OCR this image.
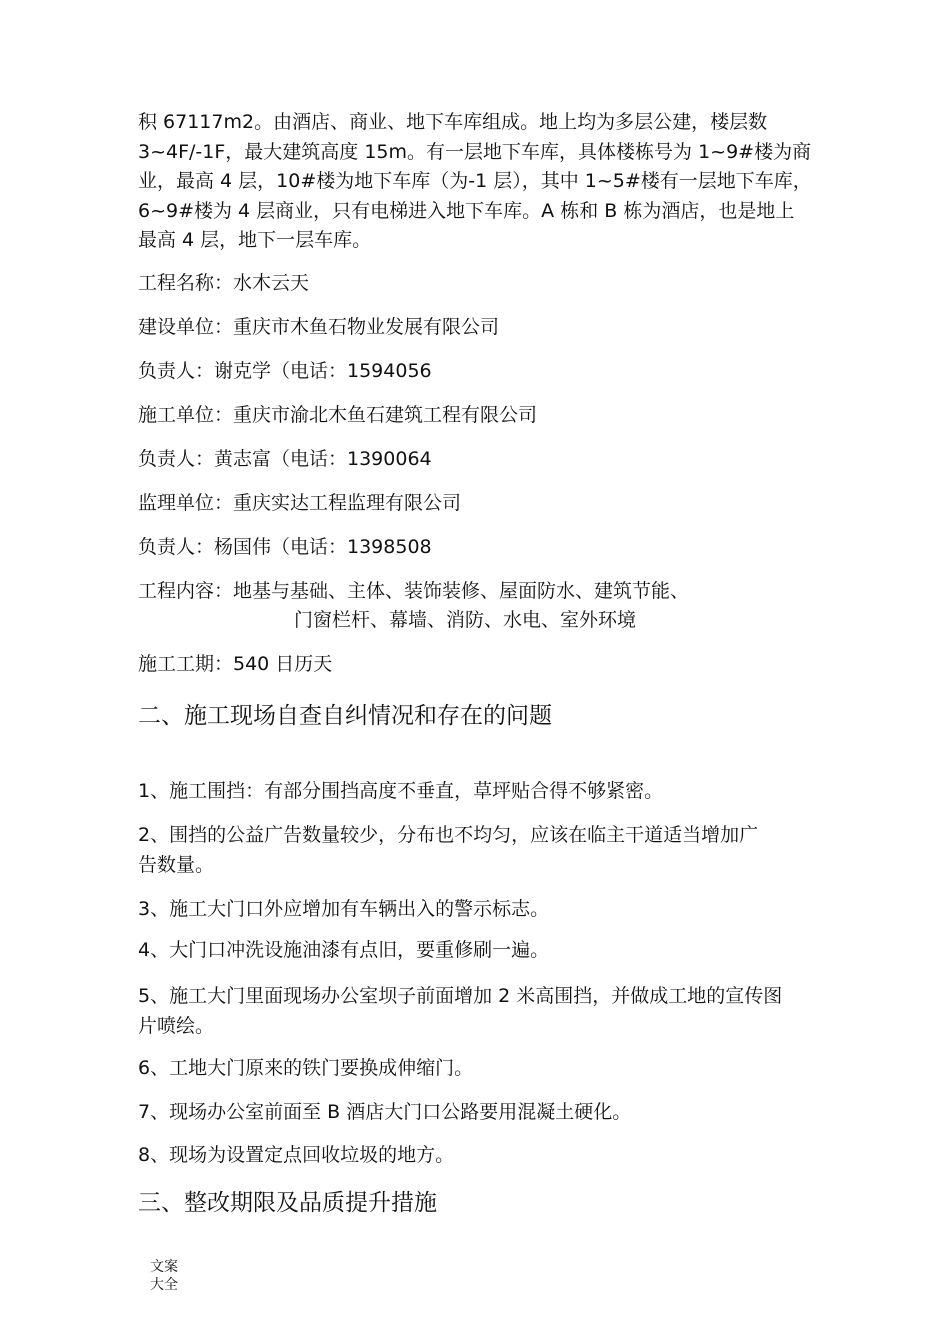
积 67117m2。由酒店、商业、地下车库组成。地上均为多层公建，楼层数
3~4F/-1F，最大建筑高度 15m。有一层地下车库，具体楼栋号为 1~9#楼为商
业，最高 4 层，10#楼为地下车库（为-1 层），其中 1~5#楼有一层地下车库，
6~9#楼为 4 层商业，只有电梯进入地下车库。A 栋和 B 栋为酒店，也是地上
最高 4 层，地下一层车库。

工程名称：水木云天

建设单位：重庆市木鱼石物业发展有限公司

负责人：谢克学（电话：1594056

施工单位：重庆市渝北木鱼石建筑工程有限公司

负责人：黄志富（电话：1390064

监理单位：重庆实达工程监理有限公司

负责人：杨国伟（电话：1398508

工程内容：地基与基础、主体、装饰装修、屋面防水、建筑节能、

门窗栏杆、幕墙、消防、水电、室外环境

施工工期：540 日历天

二、施工现场自查自纠情况和存在的问题

1、施工围挡：有部分围挡高度不垂直，草坪贴合得不够紧密。

2、围挡的公益广告数量较少，分布也不均匀，应该在临主干道适当增加广
告数量。

3、施工大门口外应增加有车辆出入的警示标志。

4、大门口冲洗设施油漆有点旧，要重修刷一遍。

5、施工大门里面现场办公室坝子前面增加 2 米高围挡，并做成工地的宣传图
片喷绘。

6、工地大门原来的铁门要换成伸缩门。

7、现场办公室前面至 B 酒店大门口公路要用混凝土硬化。

8、现场为设置定点回收垃圾的地方。

三、整改期限及品质提升措施

文案
大全
